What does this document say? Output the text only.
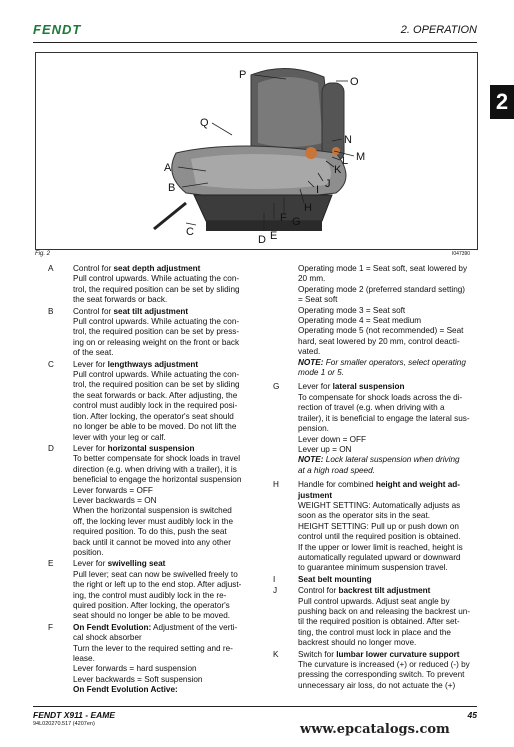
FENDT	2. OPERATION
2
P
O
Q
N
M
L
K
A
J
B	I
H
G
F
E
D
C
Fig. 2	I047390
A Control for seat depth adjustment
Pull control upwards. While actuating the con-
trol, the required position can be set by sliding
the seat forwards or back.
B Control for seat tilt adjustment
Pull control upwards. While actuating the con-
trol, the required position can be set by press-
ing on or releasing weight on the front or back
of the seat.
C Lever for lengthways adjustment
Pull control upwards. While actuating the con-
trol, the required position can be set by sliding
the seat forwards or back. After adjusting, the
control must audibly lock in the required posi-
tion. After locking, the operator's seat should
no longer be able to be moved. Do not lift the
lever with your leg or calf.
D Lever for horizontal suspension
To better compensate for shock loads in travel
direction (e.g. when driving with a trailer), it is
beneficial to engage the horizontal suspension
Lever forwards = OFF
Lever backwards = ON
When the horizontal suspension is switched
off, the locking lever must audibly lock in the
required position. To do this, push the seat
back until it cannot be moved into any other
position.
E Lever for swivelling seat
Pull lever; seat can now be swivelled freely to
the right or left up to the end stop. After adjust-
ing, the control must audibly lock in the re-
quired position. After locking, the operator's
seat should no longer be able to be moved.
F On Fendt Evolution: Adjustment of the verti-
cal shock absorber
Turn the lever to the required setting and re-
lease.
Lever forwards = hard suspension
Lever backwards = Soft suspension
On Fendt Evolution Active:
Operating mode 1 = Seat soft, seat lowered by
20 mm.
Operating mode 2 (preferred standard setting)
= Seat soft
Operating mode 3 = Seat soft
Operating mode 4 = Seat medium
Operating mode 5 (not recommended) = Seat
hard, seat lowered by 20 mm, control deacti-
vated.
NOTE: For smaller operators, select operating
mode 1 or 5.
G Lever for lateral suspension
To compensate for shock loads across the di-
rection of travel (e.g. when driving with a
trailer), it is beneficial to engage the lateral sus-
pension.
Lever down = OFF
Lever up = ON
NOTE: Lock lateral suspension when driving
at a high road speed.
H Handle for combined height and weight ad-
justment
WEIGHT SETTING: Automatically adjusts as
soon as the operator sits in the seat.
HEIGHT SETTING: Pull up or push down on
control until the required position is obtained.
If the upper or lower limit is reached, height is
automatically regulated upward or downward
to guarantee minimum suspension travel.
I	Seat belt mounting
J	Control for backrest tilt adjustment
Pull control upwards. Adjust seat angle by
pushing back on and releasing the backrest un-
til the required position is obtained. After set-
ting, the control must lock in place and the
backrest should no longer move.
K Switch for lumbar lower curvature support
The curvature is increased (+) or reduced (-) by
pressing the corresponding switch. To prevent
unnecessary air loss, do not actuate the (+)
FENDT X911 - EAME
94L020270.517 (4207en)
45
www.epcatalogs.com
